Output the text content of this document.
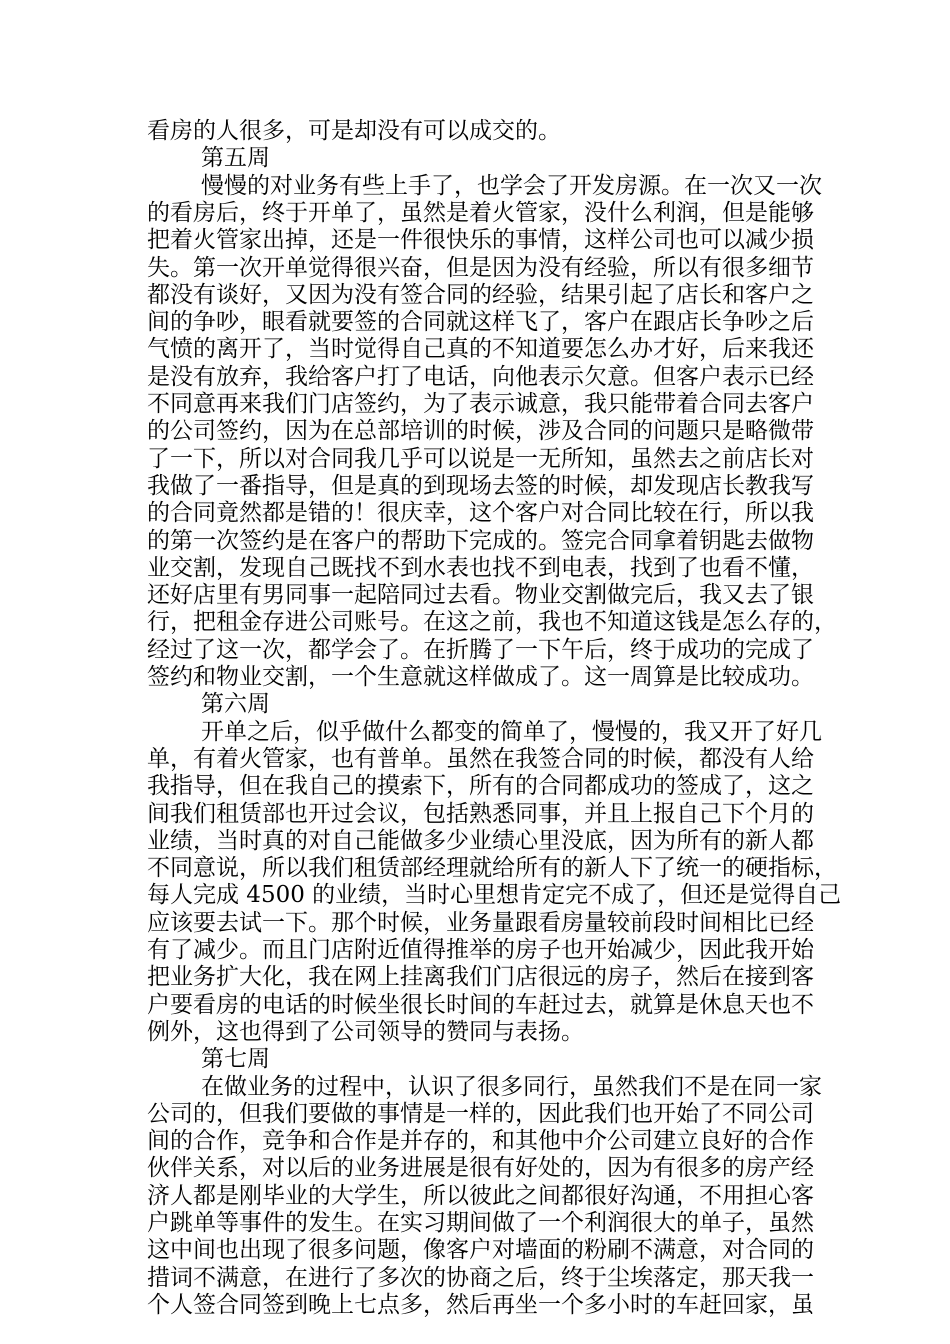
看房的人很多，可是却没有可以成交的。
第五周
慢慢的对业务有些上手了，也学会了开发房源。在一次又一次
的看房后，终于开单了，虽然是着火管家，没什么利润，但是能够
把着火管家出掉，还是一件很快乐的事情，这样公司也可以减少损
失。第一次开单觉得很兴奋，但是因为没有经验，所以有很多细节
都没有谈好，又因为没有签合同的经验，结果引起了店长和客户之
间的争吵，眼看就要签的合同就这样飞了，客户在跟店长争吵之后
气愤的离开了，当时觉得自己真的不知道要怎么办才好，后来我还
是没有放弃，我给客户打了电话，向他表示欠意。但客户表示已经
不同意再来我们门店签约，为了表示诚意，我只能带着合同去客户
的公司签约，因为在总部培训的时候，涉及合同的问题只是略微带
了一下，所以对合同我几乎可以说是一无所知，虽然去之前店长对
我做了一番指导，但是真的到现场去签的时候，却发现店长教我写
的合同竟然都是错的！很庆幸，这个客户对合同比较在行，所以我
的第一次签约是在客户的帮助下完成的。签完合同拿着钥匙去做物
业交割，发现自己既找不到水表也找不到电表，找到了也看不懂，
还好店里有男同事一起陪同过去看。物业交割做完后，我又去了银
行，把租金存进公司账号。在这之前，我也不知道这钱是怎么存的，
经过了这一次，都学会了。在折腾了一下午后，终于成功的完成了
签约和物业交割，一个生意就这样做成了。这一周算是比较成功。
第六周
开单之后，似乎做什么都变的简单了，慢慢的，我又开了好几
单，有着火管家，也有普单。虽然在我签合同的时候，都没有人给
我指导，但在我自己的摸索下，所有的合同都成功的签成了，这之
间我们租赁部也开过会议，包括熟悉同事，并且上报自己下个月的
业绩，当时真的对自己能做多少业绩心里没底，因为所有的新人都
不同意说，所以我们租赁部经理就给所有的新人下了统一的硬指标，
每人完成 4500 的业绩，当时心里想肯定完不成了，但还是觉得自己
应该要去试一下。那个时候，业务量跟看房量较前段时间相比已经
有了减少。而且门店附近值得推举的房子也开始减少，因此我开始
把业务扩大化，我在网上挂离我们门店很远的房子，然后在接到客
户要看房的电话的时候坐很长时间的车赶过去，就算是休息天也不
例外，这也得到了公司领导的赞同与表扬。
第七周
在做业务的过程中，认识了很多同行，虽然我们不是在同一家
公司的，但我们要做的事情是一样的，因此我们也开始了不同公司
间的合作，竞争和合作是并存的，和其他中介公司建立良好的合作
伙伴关系，对以后的业务进展是很有好处的，因为有很多的房产经
济人都是刚毕业的大学生，所以彼此之间都很好沟通，不用担心客
户跳单等事件的发生。在实习期间做了一个利润很大的单子，虽然
这中间也出现了很多问题，像客户对墙面的粉刷不满意，对合同的
措词不满意，在进行了多次的协商之后，终于尘埃落定，那天我一
个人签合同签到晚上七点多，然后再坐一个多小时的车赶回家，虽
